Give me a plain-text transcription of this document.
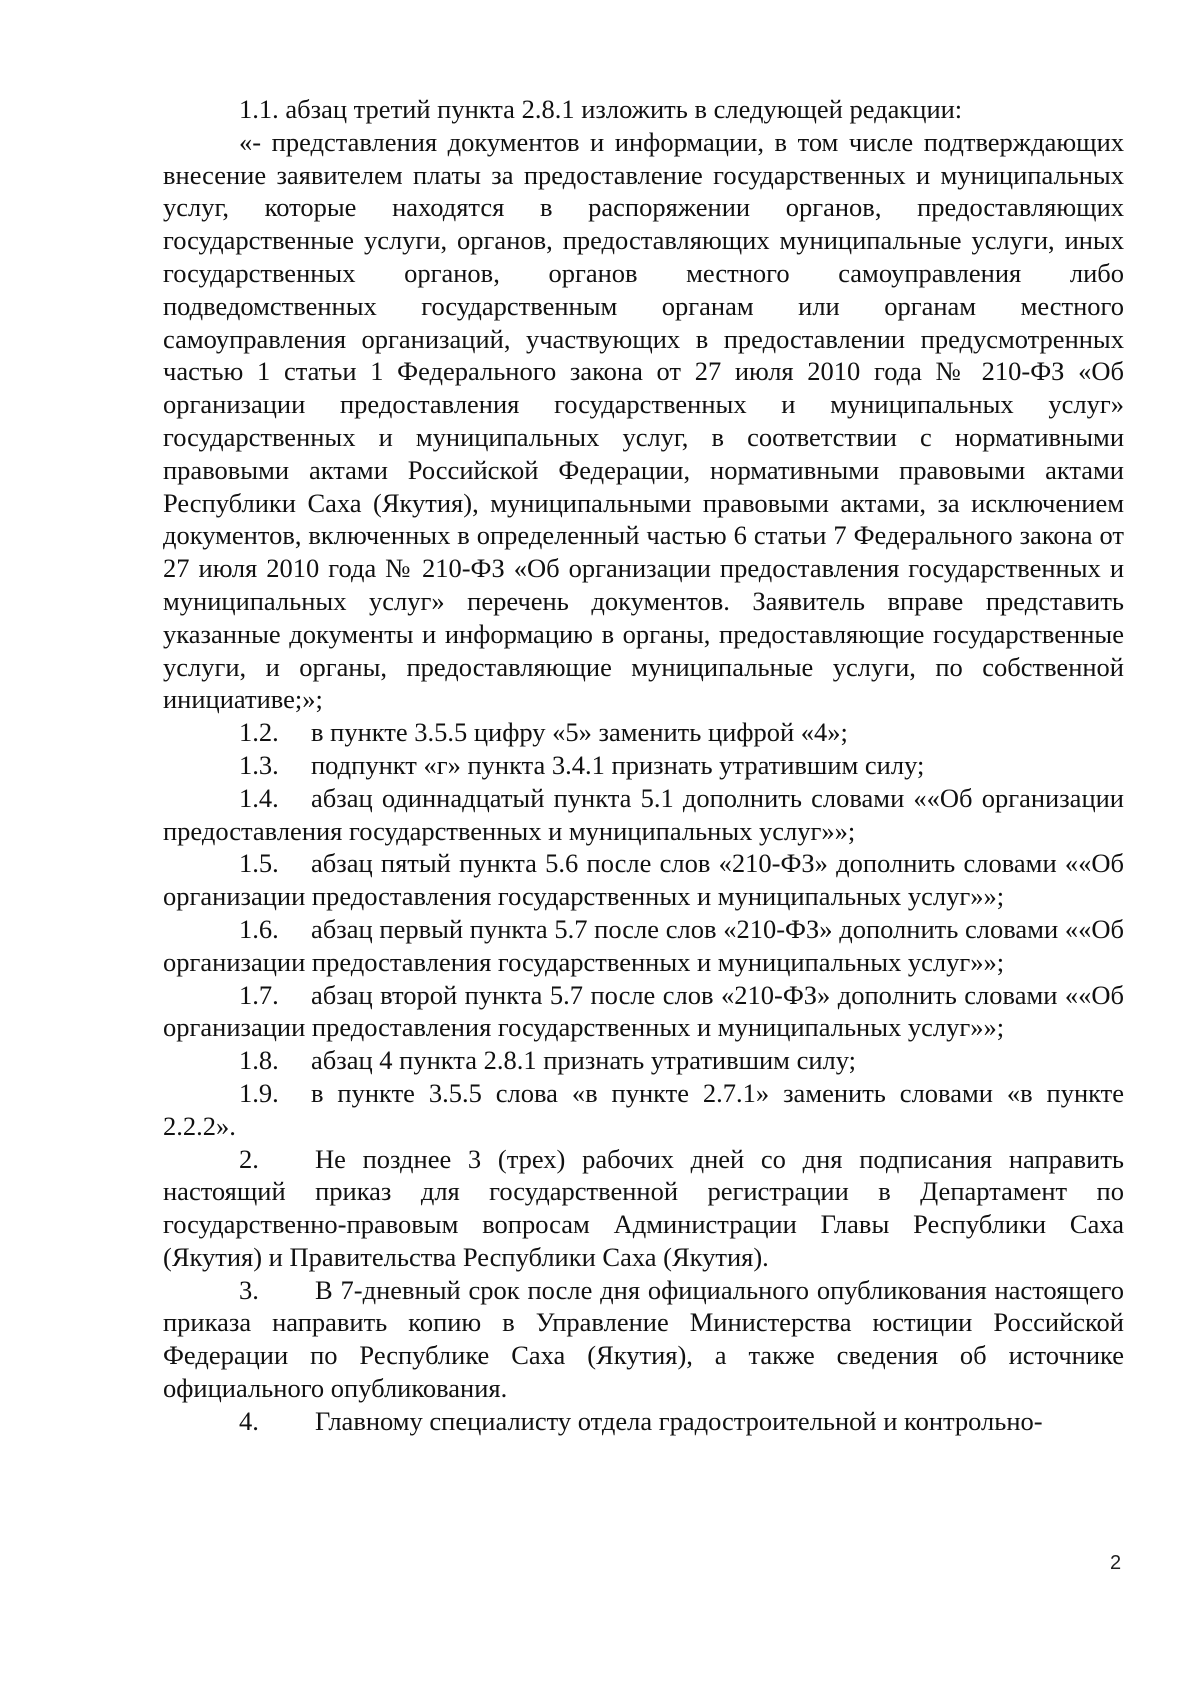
1.1. абзац третий пункта 2.8.1 изложить в следующей редакции:

«- представления документов и информации, в том числе подтверждающих внесение заявителем платы за предоставление государственных и муниципальных услуг, которые находятся в распоряжении органов, предоставляющих государственные услуги, органов, предоставляющих муниципальные услуги, иных государственных органов, органов местного самоуправления либо подведомственных государственным органам или органам местного самоуправления организаций, участвующих в предоставлении предусмотренных частью 1 статьи 1 Федерального закона от 27 июля 2010 года № 210-ФЗ «Об организации предоставления государственных и муниципальных услуг» государственных и муниципальных услуг, в соответствии с нормативными правовыми актами Российской Федерации, нормативными правовыми актами Республики Саха (Якутия), муниципальными правовыми актами, за исключением документов, включенных в определенный частью 6 статьи 7 Федерального закона от 27 июля 2010 года № 210-ФЗ «Об организации предоставления государственных и муниципальных услуг» перечень документов. Заявитель вправе представить указанные документы и информацию в органы, предоставляющие государственные услуги, и органы, предоставляющие муниципальные услуги, по собственной инициативе;»;

1.2. в пункте 3.5.5 цифру «5» заменить цифрой «4»;

1.3. подпункт «г» пункта 3.4.1 признать утратившим силу;

1.4. абзац одиннадцатый пункта 5.1 дополнить словами ««Об организации предоставления государственных и муниципальных услуг»»;

1.5. абзац пятый пункта 5.6 после слов «210-ФЗ» дополнить словами ««Об организации предоставления государственных и муниципальных услуг»»;

1.6. абзац первый пункта 5.7 после слов «210-ФЗ» дополнить словами ««Об организации предоставления государственных и муниципальных услуг»»;

1.7. абзац второй пункта 5.7 после слов «210-ФЗ» дополнить словами ««Об организации предоставления государственных и муниципальных услуг»»;

1.8. абзац 4 пункта 2.8.1 признать утратившим силу;

1.9. в пункте 3.5.5 слова «в пункте 2.7.1» заменить словами «в пункте 2.2.2».

2. Не позднее 3 (трех) рабочих дней со дня подписания направить настоящий приказ для государственной регистрации в Департамент по государственно-правовым вопросам Администрации Главы Республики Саха (Якутия) и Правительства Республики Саха (Якутия).

3. В 7-дневный срок после дня официального опубликования настоящего приказа направить копию в Управление Министерства юстиции Российской Федерации по Республике Саха (Якутия), а также сведения об источнике официального опубликования.

4. Главному специалисту отдела градостроительной и контрольно-

2
